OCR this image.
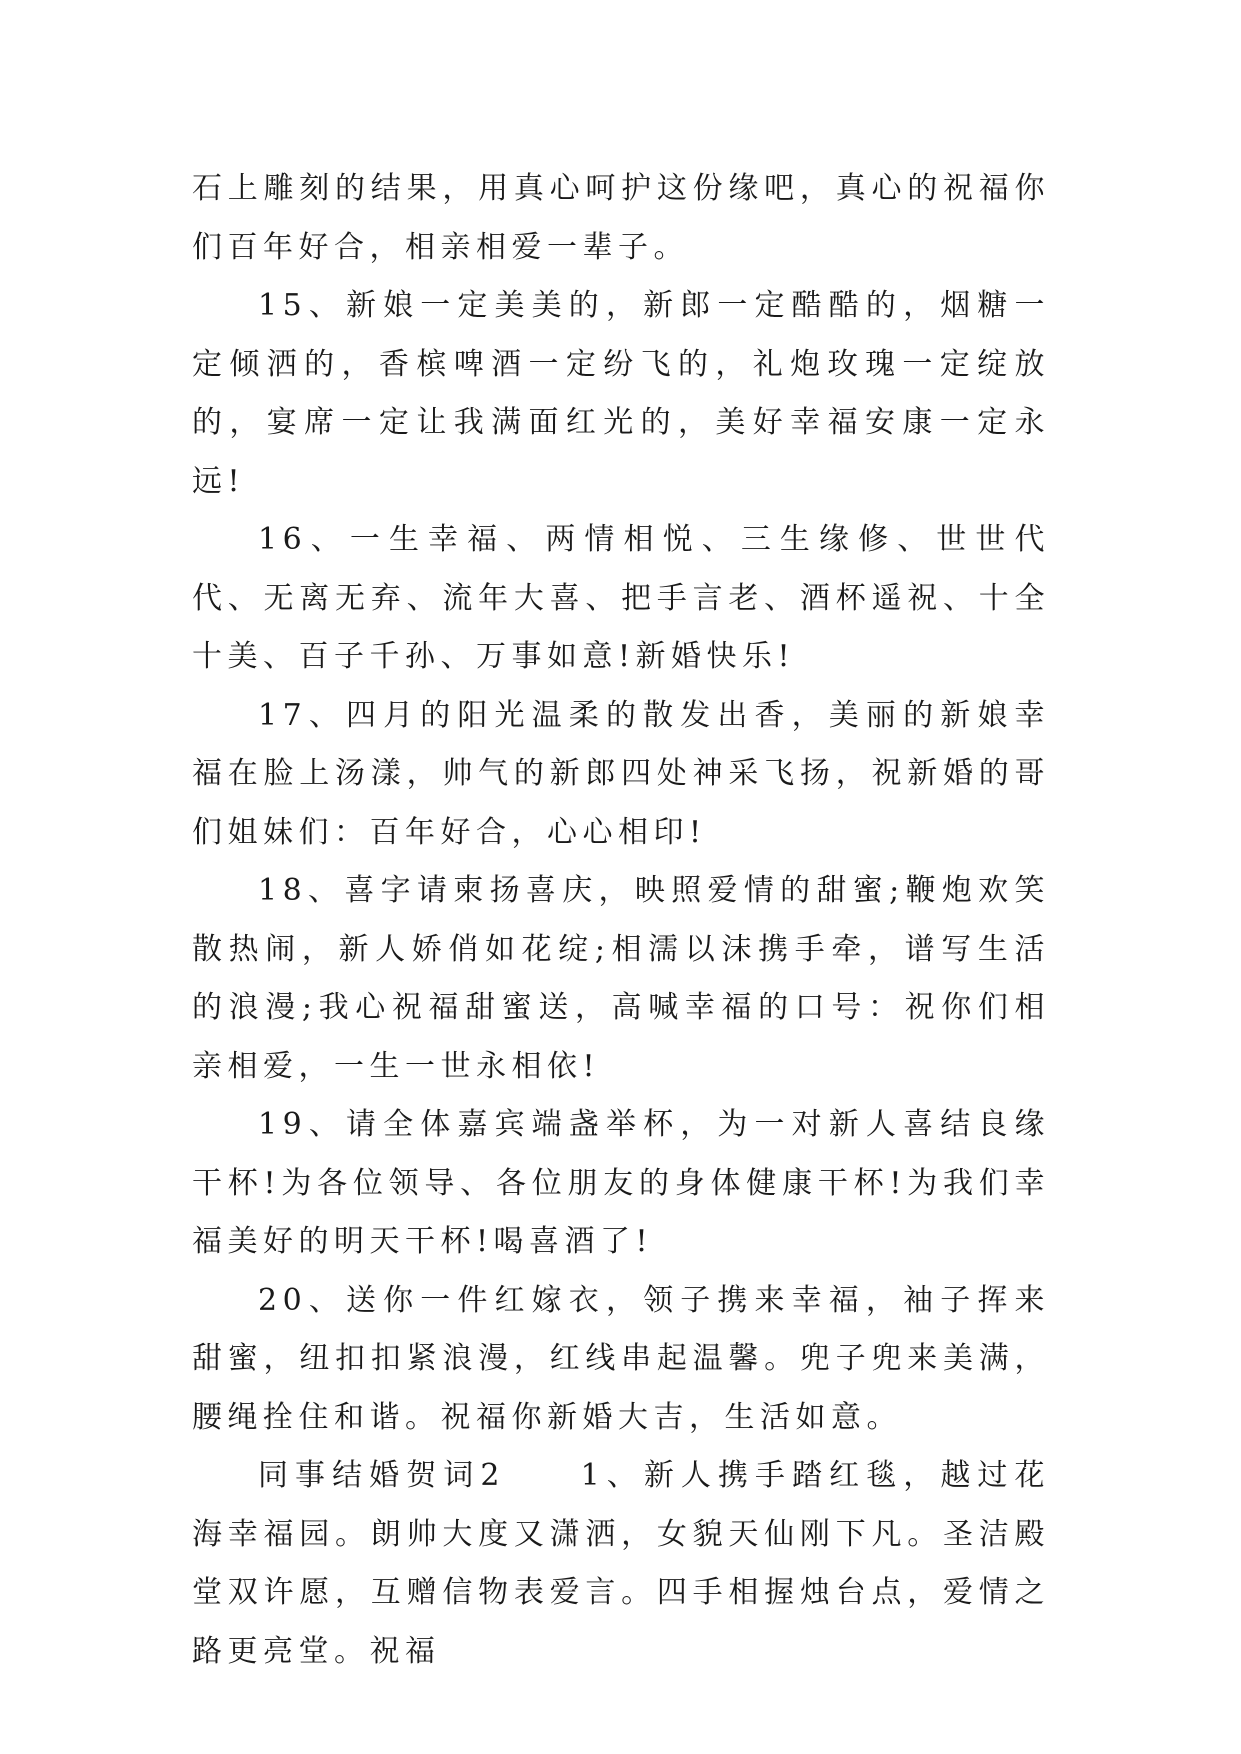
石上雕刻的结果，用真心呵护这份缘吧，真心的祝福你们百年好合，相亲相爱一辈子。

15、新娘一定美美的，新郎一定酷酷的，烟糖一定倾洒的，香槟啤酒一定纷飞的，礼炮玫瑰一定绽放的，宴席一定让我满面红光的，美好幸福安康一定永远!

16、一生幸福、两情相悦、三生缘修、世世代代、无离无弃、流年大喜、把手言老、酒杯遥祝、十全十美、百子千孙、万事如意!新婚快乐!

17、四月的阳光温柔的散发出香，美丽的新娘幸福在脸上汤漾，帅气的新郎四处神采飞扬，祝新婚的哥们姐妹们：百年好合，心心相印!

18、喜字请柬扬喜庆，映照爱情的甜蜜;鞭炮欢笑散热闹，新人娇俏如花绽;相濡以沫携手牵，谱写生活的浪漫;我心祝福甜蜜送，高喊幸福的口号：祝你们相亲相爱，一生一世永相依!

19、请全体嘉宾端盏举杯，为一对新人喜结良缘干杯!为各位领导、各位朋友的身体健康干杯!为我们幸福美好的明天干杯!喝喜酒了!

20、送你一件红嫁衣，领子携来幸福，袖子挥来甜蜜，纽扣扣紧浪漫，红线串起温馨。兜子兜来美满，腰绳拴住和谐。祝福你新婚大吉，生活如意。

同事结婚贺词2　　1、新人携手踏红毯，越过花海幸福园。朗帅大度又潇洒，女貌天仙刚下凡。圣洁殿堂双许愿，互赠信物表爱言。四手相握烛台点，爱情之路更亮堂。祝福
